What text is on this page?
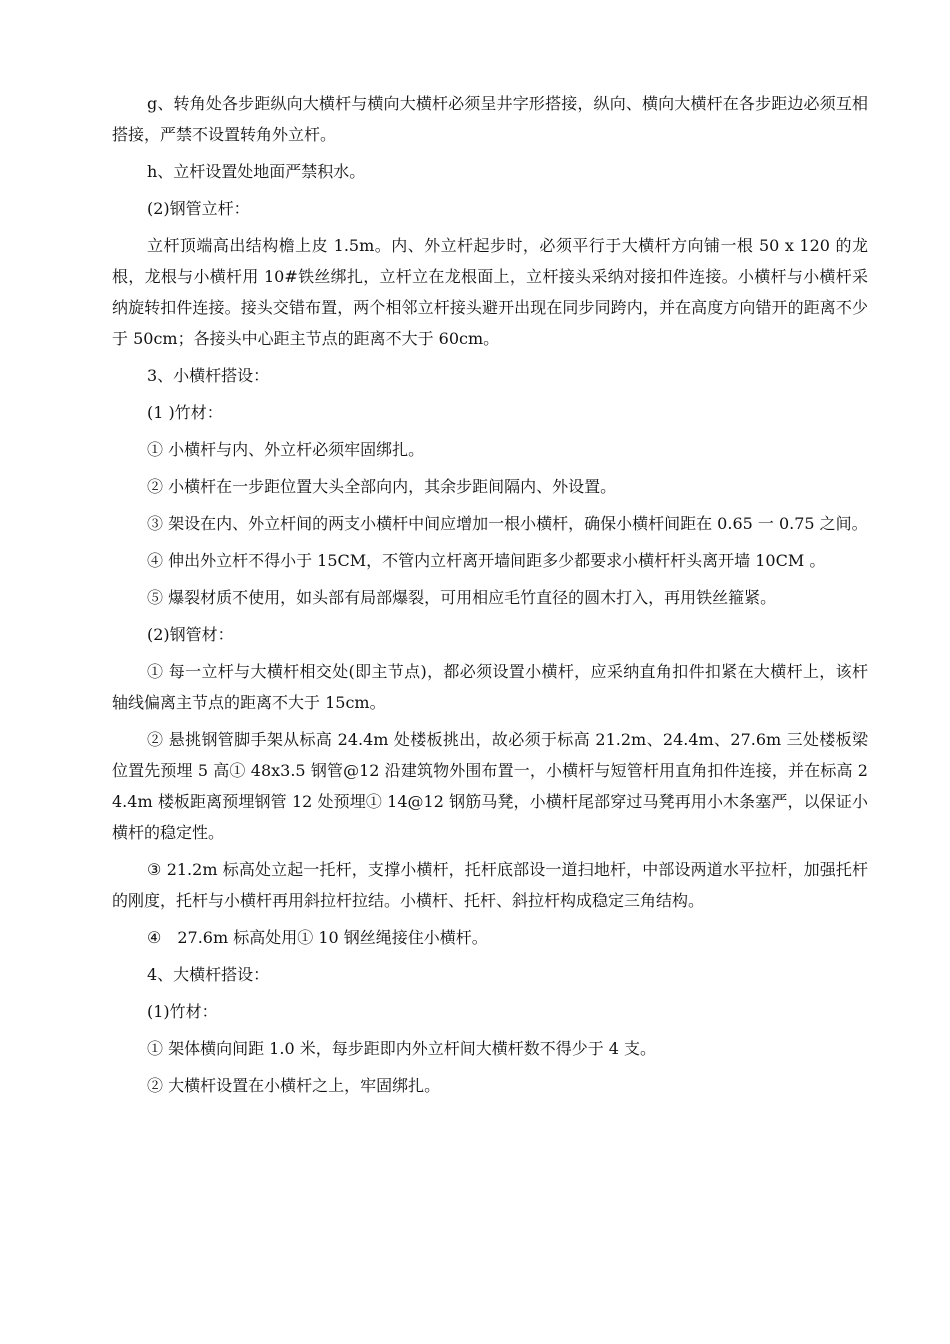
g、转角处各步距纵向大横杆与横向大横杆必须呈井字形搭接，纵向、横向大横杆在各步距边必须互相搭接，严禁不设置转角外立杆。

h、立杆设置处地面严禁积水。

(2)钢管立杆：

立杆顶端高出结构檐上皮 1.5m。内、外立杆起步时，必须平行于大横杆方向铺一根 50 x 120 的龙根，龙根与小横杆用 10#铁丝绑扎，立杆立在龙根面上，立杆接头采纳对接扣件连接。小横杆与小横杆采纳旋转扣件连接。接头交错布置，两个相邻立杆接头避开出现在同步同跨内，并在高度方向错开的距离不少于 50cm；各接头中心距主节点的距离不大于 60cm。

3、小横杆搭设：

(1 )竹材：

① 小横杆与内、外立杆必须牢固绑扎。

② 小横杆在一步距位置大头全部向内，其余步距间隔内、外设置。

③ 架设在内、外立杆间的两支小横杆中间应增加一根小横杆，确保小横杆间距在 0.65 一 0.75 之间。

④ 伸出外立杆不得小于 15CM，不管内立杆离开墙间距多少都要求小横杆杆头离开墙 10CM 。

⑤ 爆裂材质不使用，如头部有局部爆裂，可用相应毛竹直径的圆木打入，再用铁丝箍紧。

(2)钢管材：

① 每一立杆与大横杆相交处(即主节点)，都必须设置小横杆，应采纳直角扣件扣紧在大横杆上，该杆轴线偏离主节点的距离不大于 15cm。

② 悬挑钢管脚手架从标高 24.4m 处楼板挑出，故必须于标高 21.2m、24.4m、27.6m 三处楼板梁位置先预埋 5 高① 48x3.5 钢管@12 沿建筑物外围布置一，小横杆与短管杆用直角扣件连接，并在标高 24.4m 楼板距离预埋钢管 12 处预埋① 14@12 钢筋马凳，小横杆尾部穿过马凳再用小木条塞严，以保证小横杆的稳定性。

③ 21.2m 标高处立起一托杆，支撑小横杆，托杆底部设一道扫地杆，中部设两道水平拉杆，加强托杆的刚度，托杆与小横杆再用斜拉杆拉结。小横杆、托杆、斜拉杆构成稳定三角结构。

④　27.6m 标高处用① 10 钢丝绳接住小横杆。

4、大横杆搭设：

(1)竹材：

① 架体横向间距 1.0 米，每步距即内外立杆间大横杆数不得少于 4 支。

② 大横杆设置在小横杆之上，牢固绑扎。
